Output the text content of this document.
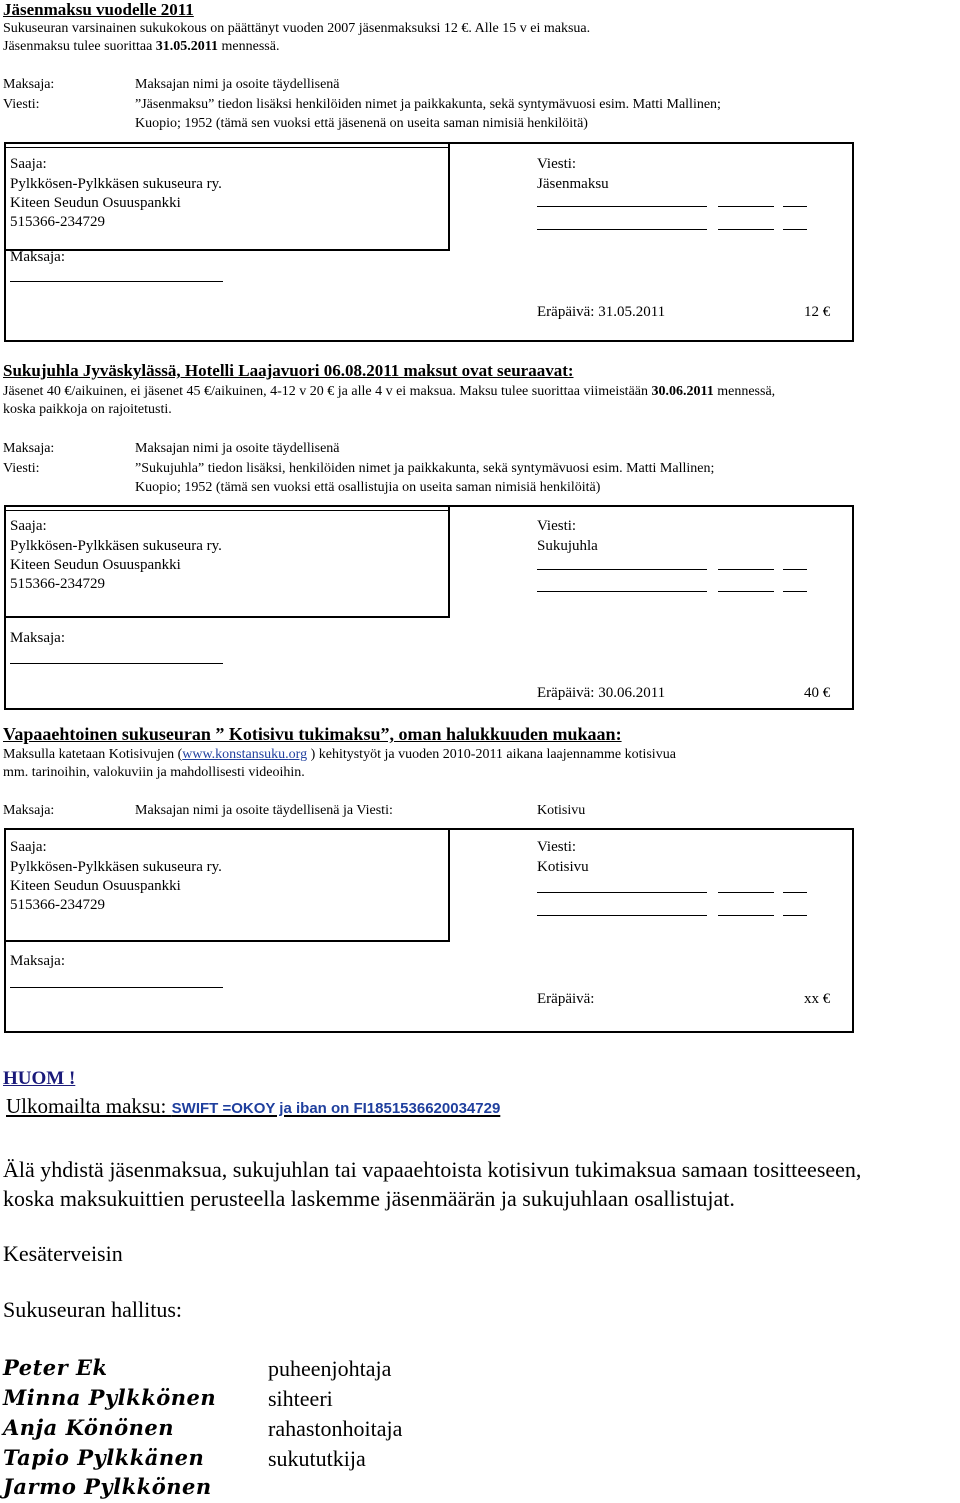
Jäsenmaksu vuodelle 2011
Sukuseuran varsinainen sukukokous on päättänyt vuoden 2007 jäsenmaksuksi 12 €. Alle 15 v ei maksua.
Jäsenmaksu tulee suorittaa 31.05.2011 mennessä.
Maksaja:	Maksajan nimi ja osoite täydellisenä
Viesti:	”Jäsenmaksu” tiedon lisäksi henkilöiden nimet ja paikkakunta, sekä syntymävuosi esim. Matti Mallinen;
Kuopio; 1952 (tämä sen vuoksi että jäsenenä on useita saman nimisiä henkilöitä)
Saaja:
Pylkkösen-Pylkkäsen sukuseura ry.
Kiteen Seudun Osuuspankki
515366-234729
Viesti:
Jäsenmaksu
Maksaja:
Eräpäivä: 31.05.2011	12 €
Sukujuhla Jyväskylässä, Hotelli Laajavuori 06.08.2011 maksut ovat seuraavat:
Jäsenet 40 €/aikuinen, ei jäsenet 45 €/aikuinen, 4-12 v 20 € ja alle 4 v ei maksua. Maksu tulee suorittaa viimeistään 30.06.2011 mennessä,
koska paikkoja on rajoitetusti.
Maksaja:	Maksajan nimi ja osoite täydellisenä
Viesti:	”Sukujuhla” tiedon lisäksi, henkilöiden nimet ja paikkakunta, sekä syntymävuosi esim. Matti Mallinen;
Kuopio; 1952 (tämä sen vuoksi että osallistujia on useita saman nimisiä henkilöitä)
Saaja:
Pylkkösen-Pylkkäsen sukuseura ry.
Kiteen Seudun Osuuspankki
515366-234729
Viesti:
Sukujuhla
Maksaja:
Eräpäivä: 30.06.2011	40 €
Vapaaehtoinen sukuseuran ” Kotisivu tukimaksu”, oman halukkuuden mukaan:
Maksulla katetaan Kotisivujen (www.konstansuku.org ) kehitystyöt ja vuoden 2010-2011 aikana laajennamme kotisivua
mm. tarinoihin, valokuviin ja mahdollisesti videoihin.
Maksaja:	Maksajan nimi ja osoite täydellisenä ja Viesti:	Kotisivu
Saaja:
Pylkkösen-Pylkkäsen sukuseura ry.
Kiteen Seudun Osuuspankki
515366-234729
Viesti:
Kotisivu
Maksaja:
Eräpäivä:	xx €
HUOM !
Ulkomailta maksu: SWIFT =OKOY ja iban on FI1851536620034729
Älä yhdistä jäsenmaksua, sukujuhlan tai vapaaehtoista kotisivun tukimaksua samaan tositteeseen,
koska maksukuittien perusteella laskemme jäsenmäärän ja sukujuhlaan osallistujat.
Kesäterveisin
Sukuseuran hallitus:
Peter Ek	puheenjohtaja
Minna Pylkkönen sihteeri
Anja Könönen	rahastonhoitaja
Tapio Pylkkänen	sukututkija
Jarmo Pylkkönen
